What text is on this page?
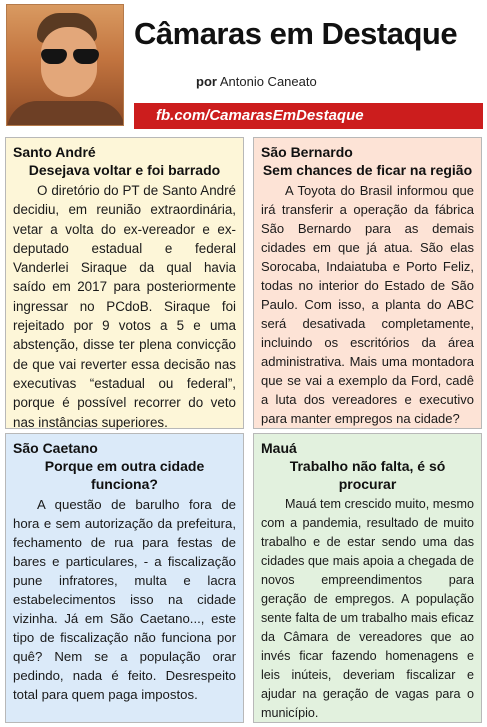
Câmaras em Destaque
por Antonio Caneato
fb.com/CamarasEmDestaque
Santo André
Desejava voltar e foi barrado

O diretório do PT de Santo André decidiu, em reunião extraordinária, vetar a volta do ex-vereador e ex-deputado estadual e federal Vanderlei Siraque da qual havia saído em 2017 para posteriormente ingressar no PCdoB. Siraque foi rejeitado por 9 votos a 5 e uma abstenção, disse ter plena convicção de que vai reverter essa decisão nas executivas “estadual ou federal”, porque é possível recorrer do veto nas instâncias superiores.

São Bernardo
Sem chances de ficar na região

A Toyota do Brasil informou que irá transferir a operação da fábrica São Bernardo para as demais cidades em que já atua. São elas Sorocaba, Indaiatuba e Porto Feliz, todas no interior do Estado de São Paulo. Com isso, a planta do ABC será desativada completamente, incluindo os escritórios da área administrativa. Mais uma montadora que se vai a exemplo da Ford, cadê a luta dos vereadores e executivo para manter empregos na cidade?

São Caetano
Porque em outra cidade funciona?

A questão de barulho fora de hora e sem autorização da prefeitura, fechamento de rua para festas de bares e particulares, - a fiscalização pune infratores, multa e lacra estabelecimentos isso na cidade vizinha. Já em São Caetano..., este tipo de fiscalização não funciona por quê? Nem se a população orar pedindo, nada é feito. Desrespeito total para quem paga impostos.

Mauá
Trabalho não falta, é só procurar

Mauá tem crescido muito, mesmo com a pandemia, resultado de muito trabalho e de estar sendo uma das cidades que mais apoia a chegada de novos empreendimentos para geração de empregos. A população sente falta de um trabalho mais eficaz da Câmara de vereadores que ao invés ficar fazendo homenagens e leis inúteis, deveriam fiscalizar e ajudar na geração de vagas para o município.
